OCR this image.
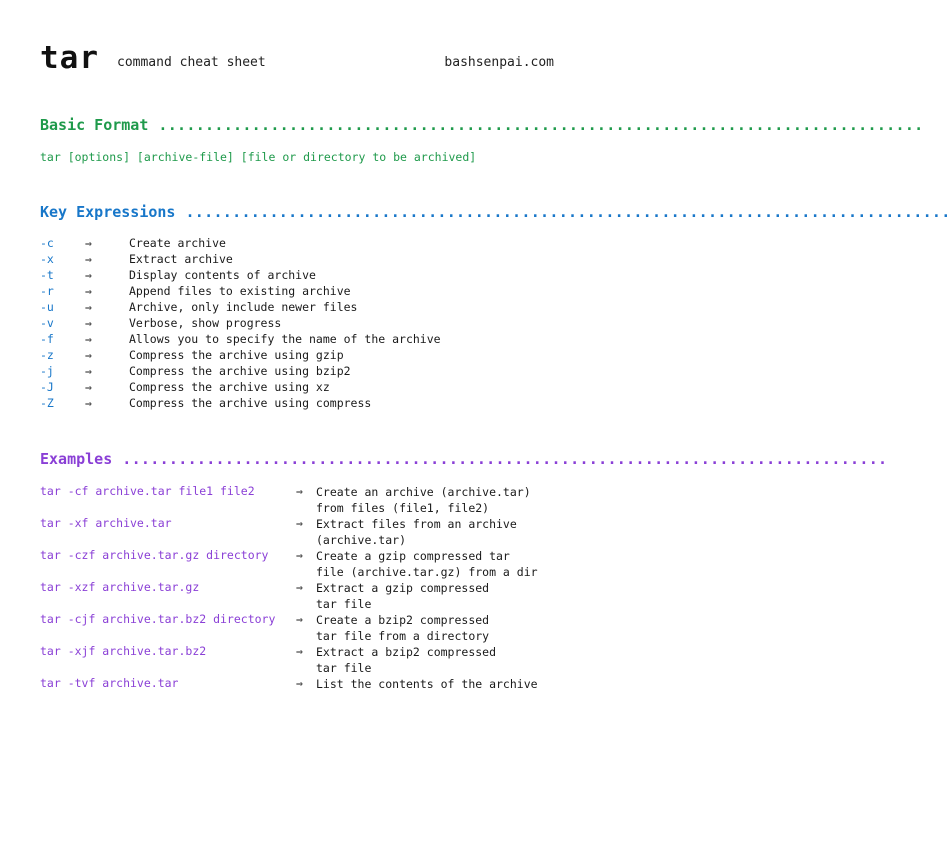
tar command cheat sheet	bashsenpai.com
Basic Format ..................................................................................
tar [options] [archive-file] [file or directory to be archived]
Key Expressions ..................................................................................
-c	⇒	Create archive
-x	⇒	Extract archive
-t	⇒	Display contents of archive
-r	⇒	Append files to existing archive
-u	⇒	Archive, only include newer files
-v	⇒	Verbose, show progress
-f	⇒	Allows you to specify the name of the archive
-z	⇒	Compress the archive using gzip
-j	⇒	Compress the archive using bzip2
-J	⇒	Compress the archive using xz
-Z	⇒	Compress the archive using compress
Examples ..................................................................................
tar -cf archive.tar file1 file2	⇒ Create an archive (archive.tar)
from files (file1, file2)
tar -xf archive.tar	⇒ Extract files from an archive
(archive.tar)
tar -czf archive.tar.gz directory ⇒ Create a gzip compressed tar
file (archive.tar.gz) from a dir
tar -xzf archive.tar.gz	⇒ Extract a gzip compressed
tar file
tar -cjf archive.tar.bz2 directory ⇒ Create a bzip2 compressed
tar file from a directory
tar -xjf archive.tar.bz2	⇒ Extract a bzip2 compressed
tar file
tar -tvf archive.tar	⇒ List the contents of the archive
